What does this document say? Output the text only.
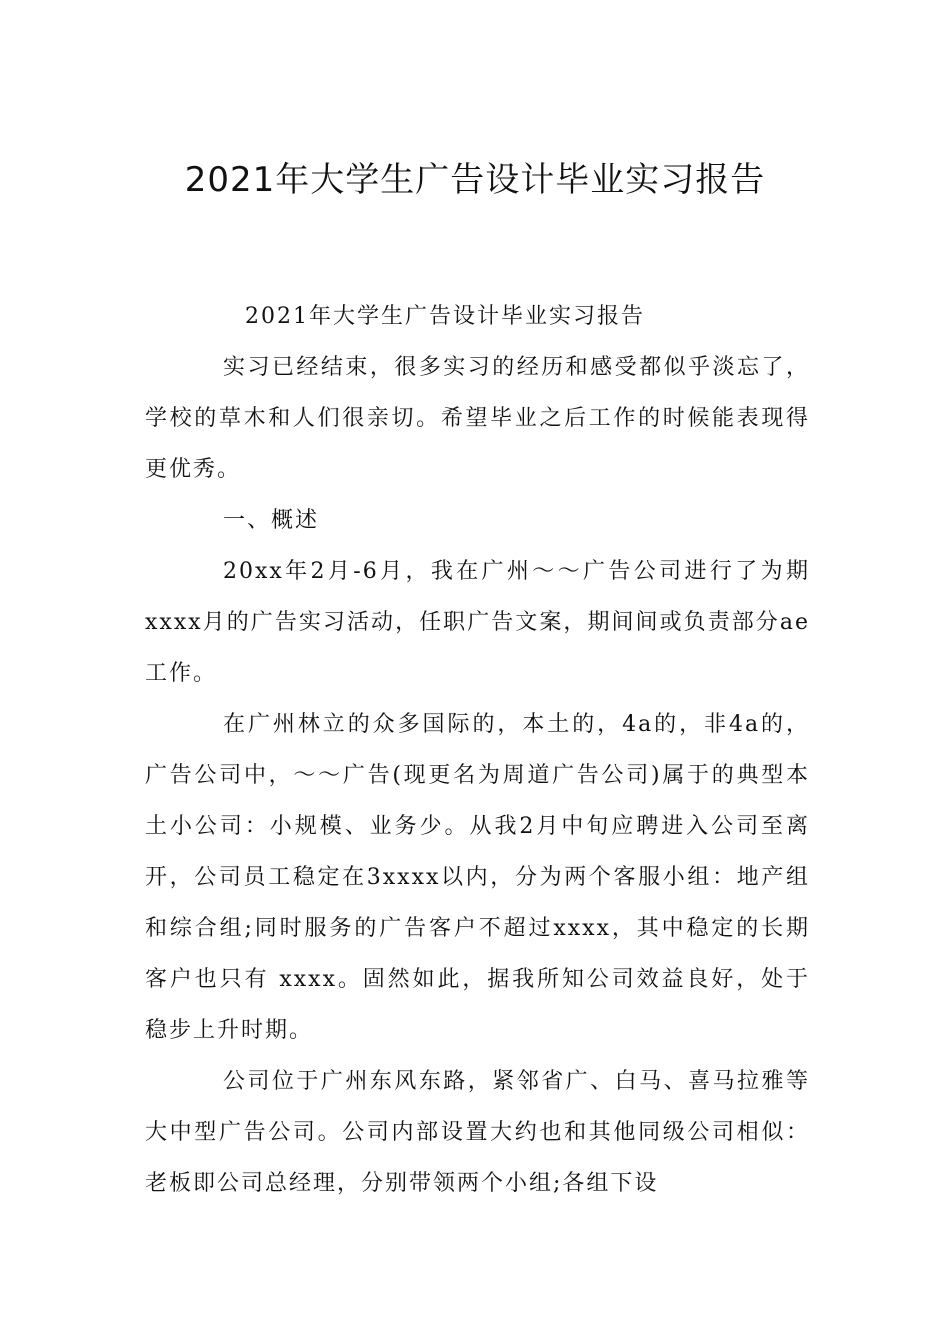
2021年大学生广告设计毕业实习报告

2021年大学生广告设计毕业实习报告

实习已经结束，很多实习的经历和感受都似乎淡忘了，学校的草木和人们很亲切。希望毕业之后工作的时候能表现得更优秀。

一、概述

20xx年2月-6月，我在广州～～广告公司进行了为期xxxx月的广告实习活动，任职广告文案，期间间或负责部分ae工作。

在广州林立的众多国际的，本土的，4a的，非4a的，广告公司中，～～广告(现更名为周道广告公司)属于的典型本土小公司：小规模、业务少。从我2月中旬应聘进入公司至离开，公司员工稳定在3xxxx以内，分为两个客服小组：地产组和综合组;同时服务的广告客户不超过xxxx，其中稳定的长期客户也只有 xxxx。固然如此，据我所知公司效益良好，处于稳步上升时期。

公司位于广州东风东路，紧邻省广、白马、喜马拉雅等大中型广告公司。公司内部设置大约也和其他同级公司相似：老板即公司总经理，分别带领两个小组;各组下设
